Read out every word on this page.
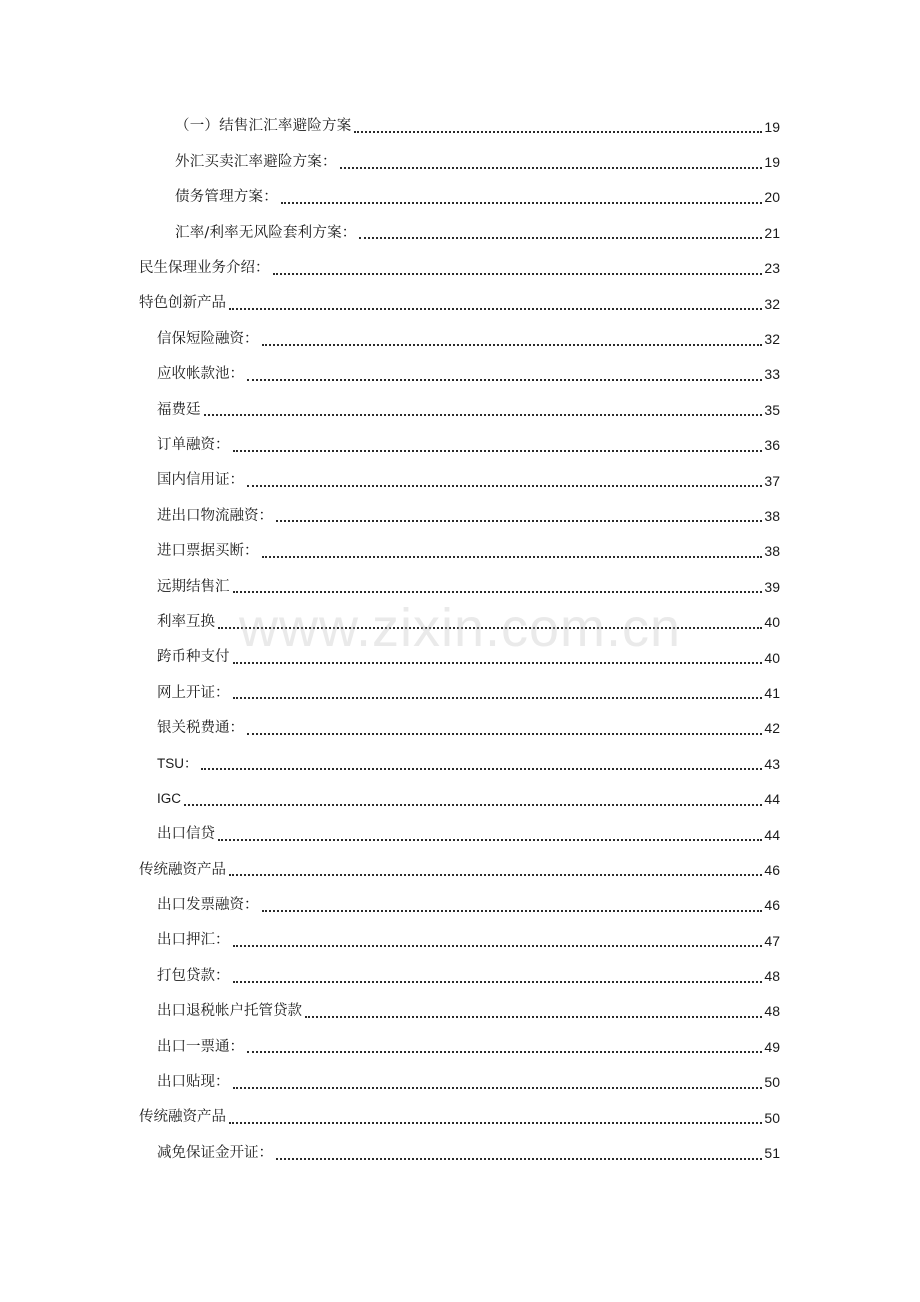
（一）结售汇汇率避险方案	19
外汇买卖汇率避险方案：	19
债务管理方案：	20
汇率/利率无风险套利方案：	21
民生保理业务介绍：	23
特色创新产品	32
信保短险融资：	32
应收帐款池：	33
福费廷	35
订单融资：	36
国内信用证：	37
进出口物流融资：	38
进口票据买断：	38
远期结售汇	39
利率互换	40
跨币种支付	40
网上开证：	41
银关税费通：	42
TSU：	43
IGC	44
出口信贷	44
传统融资产品	46
出口发票融资：	46
出口押汇：	47
打包贷款：	48
出口退税帐户托管贷款	48
出口一票通：	49
出口贴现：	50
传统融资产品	50
减免保证金开证：	51
www.zixin.com.cn
